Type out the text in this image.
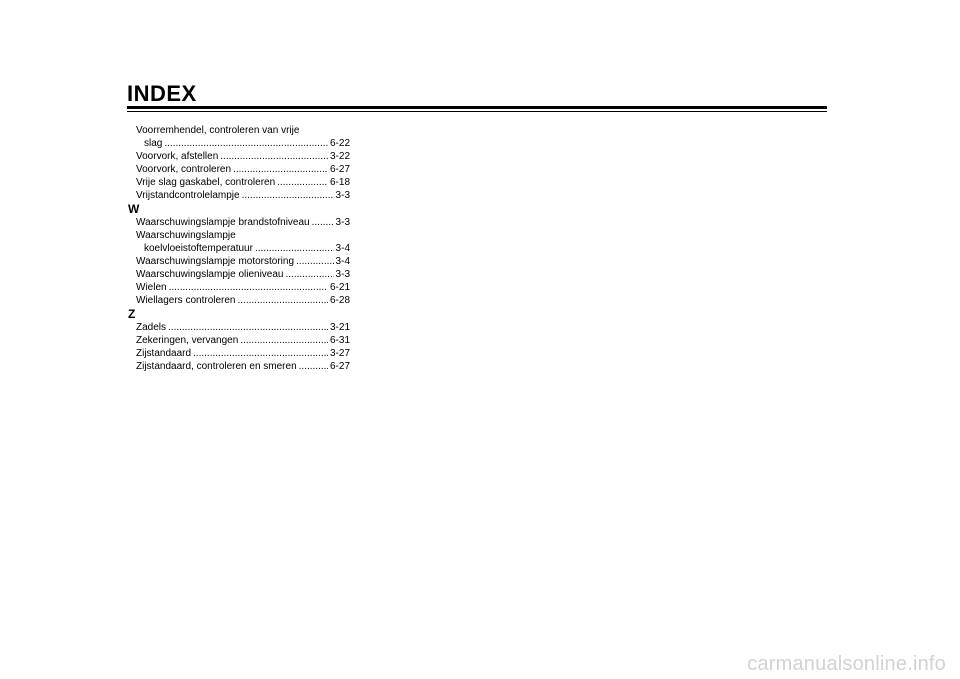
INDEX
Voorremhendel, controleren van vrije
slag .....	6-22
Voorvork, afstellen .....	3-22
Voorvork, controleren .....	6-27
Vrije slag gaskabel, controleren .....	6-18
Vrijstandcontrolelampje .....	3-3
W
Waarschuwingslampje brandstofniveau .....	3-3
Waarschuwingslampje
koelvloeistoftemperatuur .....	3-4
Waarschuwingslampje motorstoring .....	3-4
Waarschuwingslampje olieniveau .....	3-3
Wielen .....	6-21
Wiellagers controleren .....	6-28
Z
Zadels .....	3-21
Zekeringen, vervangen .....	6-31
Zijstandaard .....	3-27
Zijstandaard, controleren en smeren .....	6-27
carmanualsonline.info
